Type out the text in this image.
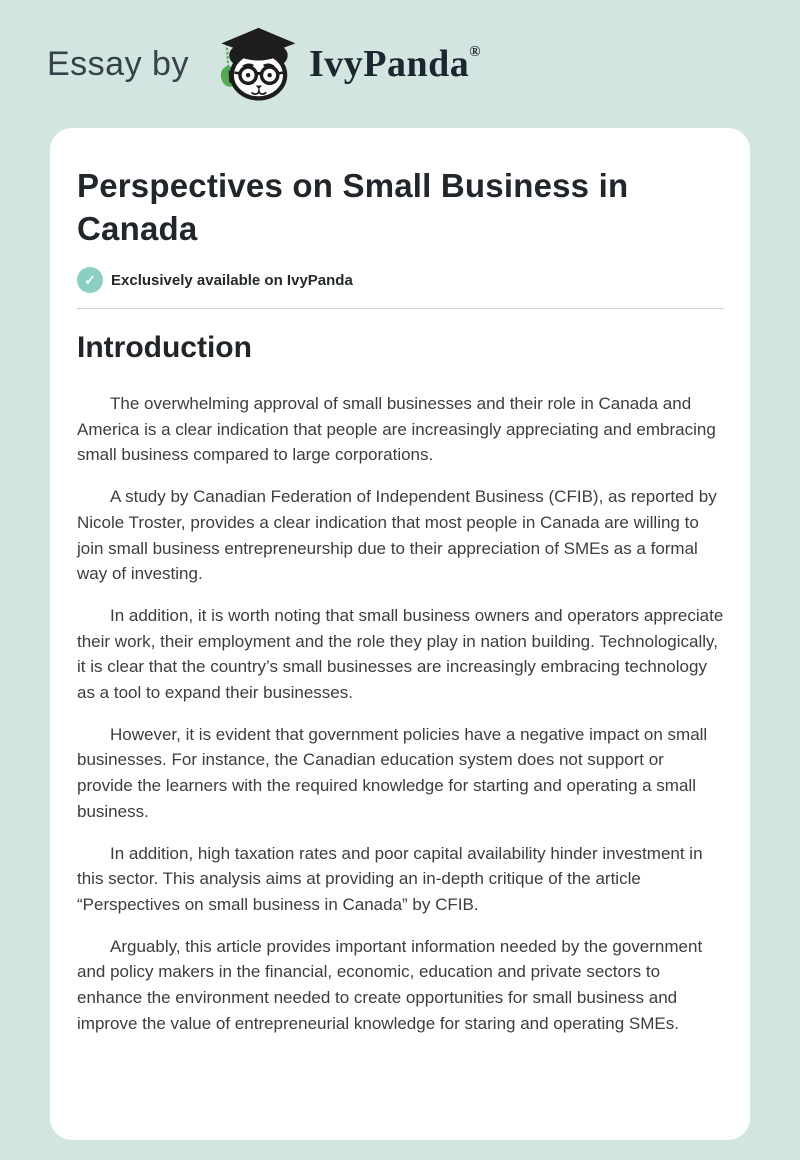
Essay by	IvyPanda ®
Perspectives on Small Business in Canada
✓	Exclusively available on IvyPanda
Introduction

The overwhelming approval of small businesses and their role in Canada and America is a clear indication that people are increasingly appreciating and embracing small business compared to large corporations.

A study by Canadian Federation of Independent Business (CFIB), as reported by Nicole Troster, provides a clear indication that most people in Canada are willing to join small business entrepreneurship due to their appreciation of SMEs as a formal way of investing.

In addition, it is worth noting that small business owners and operators appreciate their work, their employment and the role they play in nation building. Technologically, it is clear that the country’s small businesses are increasingly embracing technology as a tool to expand their businesses.

However, it is evident that government policies have a negative impact on small businesses. For instance, the Canadian education system does not support or provide the learners with the required knowledge for starting and operating a small business.

In addition, high taxation rates and poor capital availability hinder investment in this sector. This analysis aims at providing an in-depth critique of the article “Perspectives on small business in Canada” by CFIB.

Arguably, this article provides important information needed by the government and policy makers in the financial, economic, education and private sectors to enhance the environment needed to create opportunities for small business and improve the value of entrepreneurial knowledge for staring and operating SMEs.
